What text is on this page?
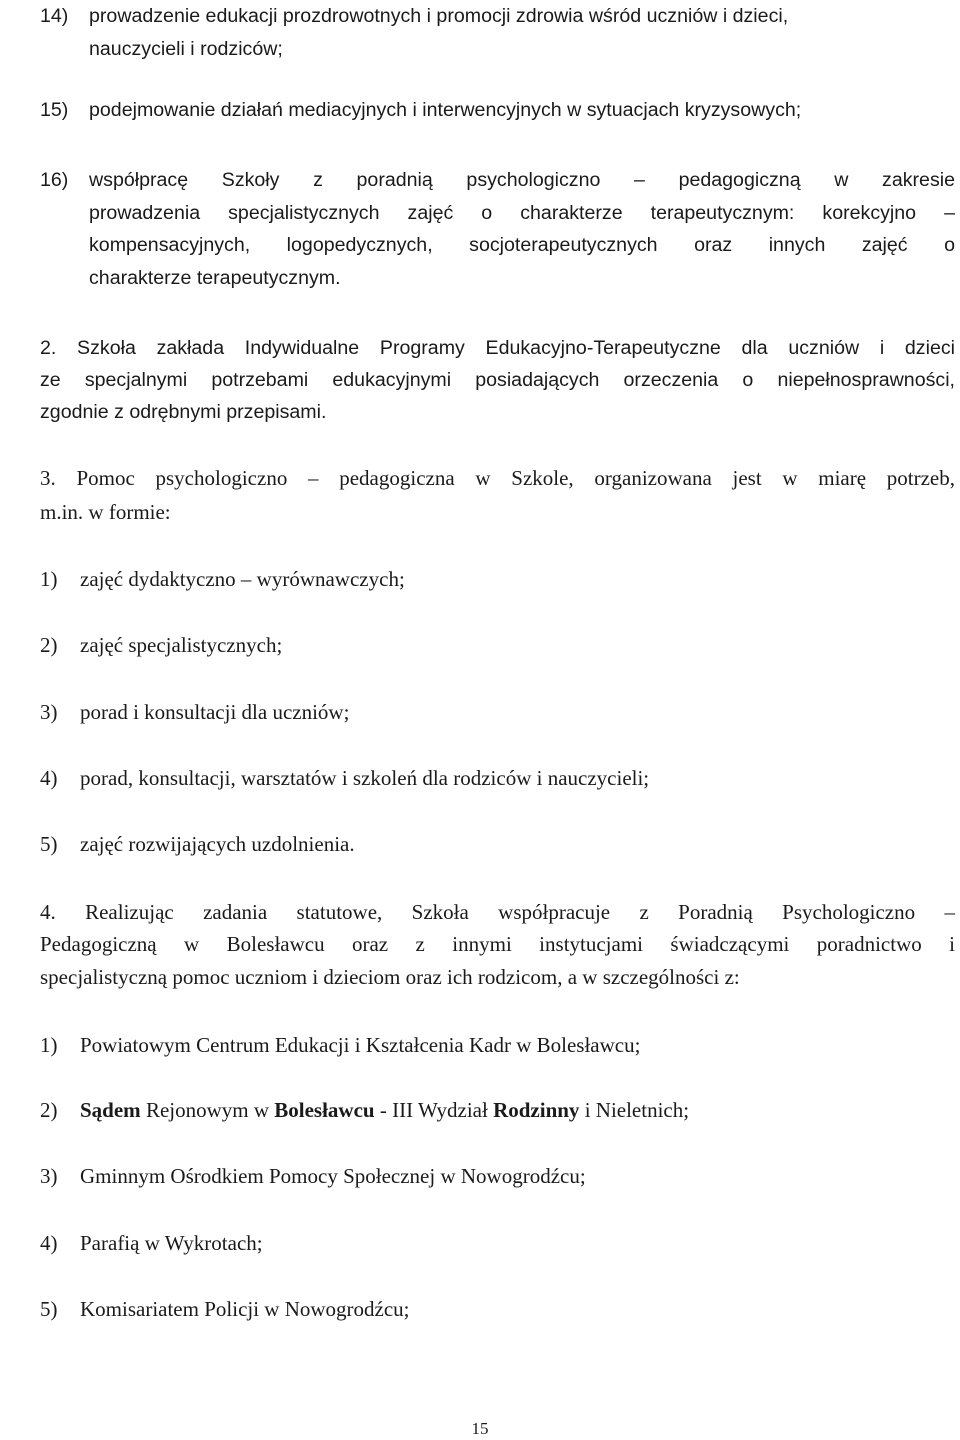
14) prowadzenie edukacji prozdrowotnych i promocji zdrowia wśród uczniów i dzieci,
nauczycieli i rodziców;
15) podejmowanie działań mediacyjnych i interwencyjnych w sytuacjach kryzysowych;
16) współpracę Szkoły z poradnią psychologiczno – pedagogiczną w zakresie
prowadzenia specjalistycznych zajęć o charakterze terapeutycznym: korekcyjno –
kompensacyjnych, logopedycznych, socjoterapeutycznych oraz innych zajęć o
charakterze terapeutycznym.
2. Szkoła zakłada Indywidualne Programy Edukacyjno-Terapeutyczne dla uczniów i dzieci
ze specjalnymi potrzebami edukacyjnymi posiadających orzeczenia o niepełnosprawności,
zgodnie z odrębnymi przepisami.
3. Pomoc psychologiczno – pedagogiczna w Szkole, organizowana jest w miarę potrzeb,
m.in. w formie:
1) zajęć dydaktyczno – wyrównawczych;
2) zajęć specjalistycznych;
3) porad i konsultacji dla uczniów;
4) porad, konsultacji, warsztatów i szkoleń dla rodziców i nauczycieli;
5) zajęć rozwijających uzdolnienia.
4. Realizując zadania statutowe, Szkoła współpracuje z Poradnią Psychologiczno –
Pedagogiczną w Bolesławcu oraz z innymi instytucjami świadczącymi poradnictwo i
specjalistyczną pomoc uczniom i dzieciom oraz ich rodzicom, a w szczególności z:
1) Powiatowym Centrum Edukacji i Kształcenia Kadr w Bolesławcu;
2) Sądem Rejonowym w Bolesławcu - III Wydział Rodzinny i Nieletnich;
3) Gminnym Ośrodkiem Pomocy Społecznej w Nowogrodźcu;
4) Parafią w Wykrotach;
5) Komisariatem Policji w Nowogrodźcu;
15
